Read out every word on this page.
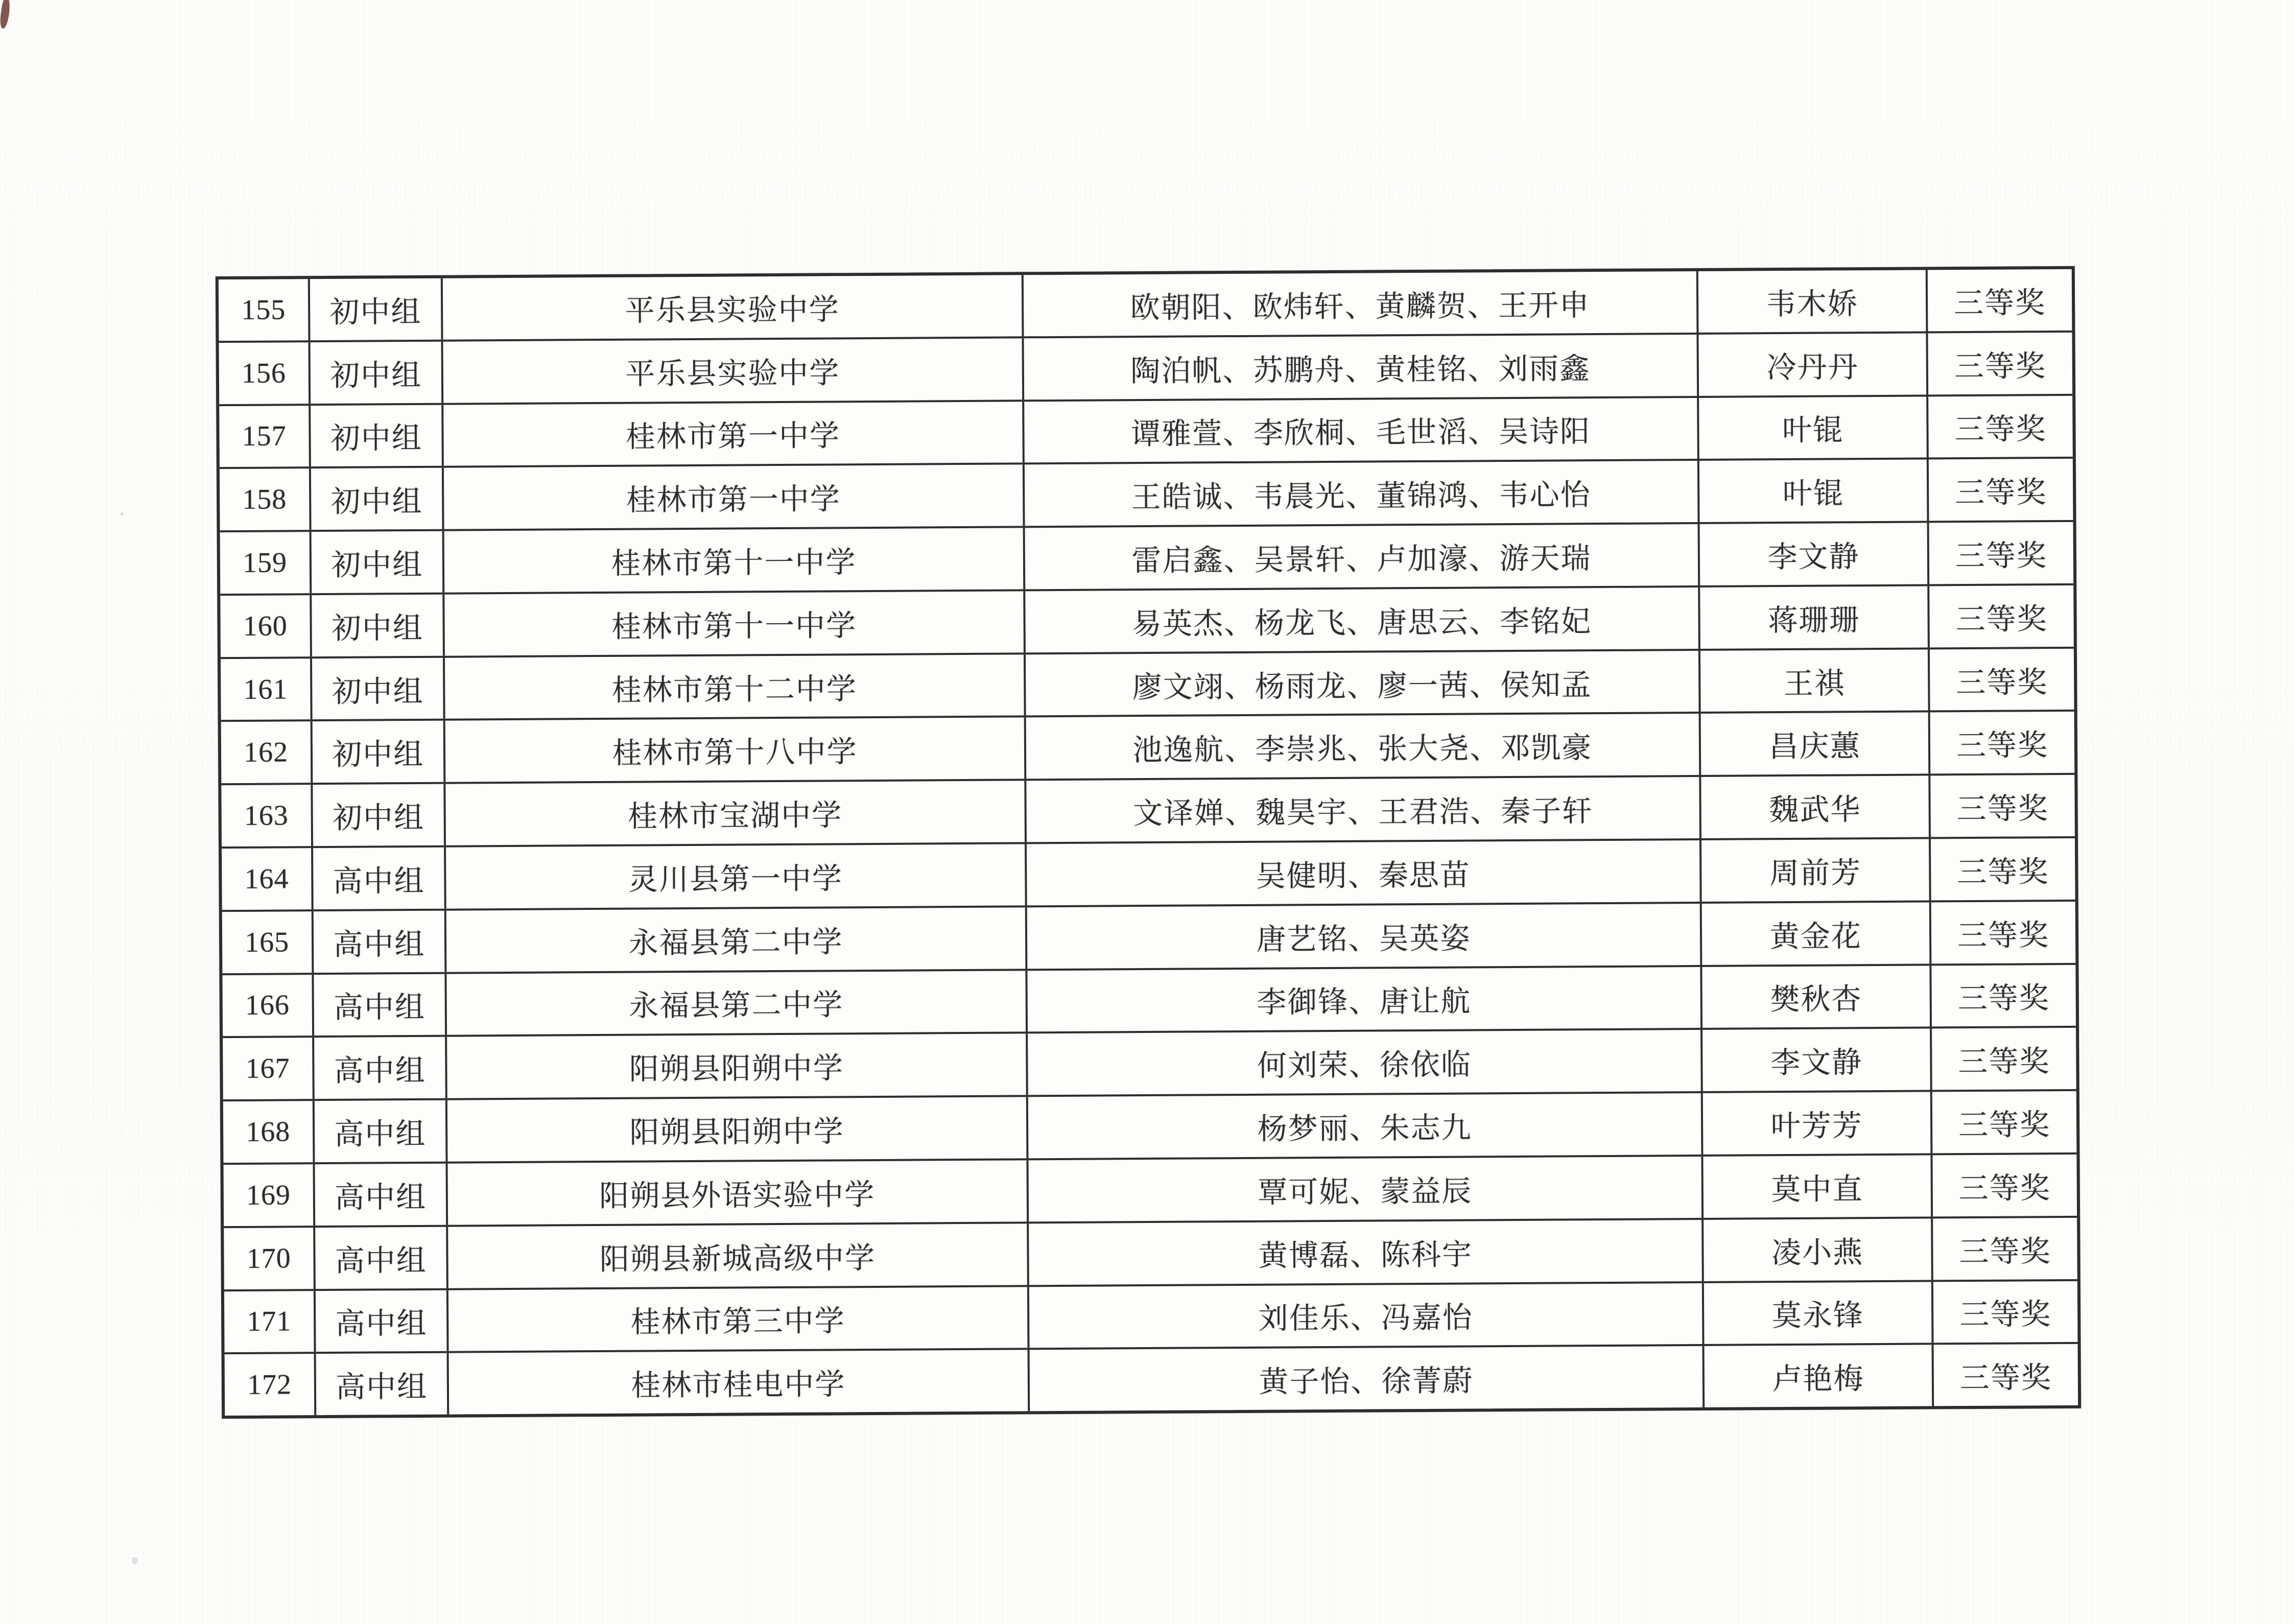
155	初中组	平乐县实验中学	欧朝阳、欧炜轩、黄麟贺、王开申	韦木娇	三等奖
156	初中组	平乐县实验中学	陶泊帆、苏鹏舟、黄桂铭、刘雨鑫	冷丹丹	三等奖
157	初中组	桂林市第一中学	谭雅萱、李欣桐、毛世滔、吴诗阳	叶锟	三等奖
158	初中组	桂林市第一中学	王皓诚、韦晨光、董锦鸿、韦心怡	叶锟	三等奖
159	初中组	桂林市第十一中学	雷启鑫、吴景轩、卢加濠、游天瑞	李文静	三等奖
160	初中组	桂林市第十一中学	易英杰、杨龙飞、唐思云、李铭妃	蒋珊珊	三等奖
161	初中组	桂林市第十二中学	廖文翊、杨雨龙、廖一茜、侯知孟	王祺	三等奖
162	初中组	桂林市第十八中学	池逸航、李崇兆、张大尧、邓凯豪	昌庆蕙	三等奖
163	初中组	桂林市宝湖中学	文译婵、魏昊宇、王君浩、秦子轩	魏武华	三等奖
164	高中组	灵川县第一中学	吴健明、秦思苗	周前芳	三等奖
165	高中组	永福县第二中学	唐艺铭、吴英姿	黄金花	三等奖
166	高中组	永福县第二中学	李御锋、唐让航	樊秋杏	三等奖
167	高中组	阳朔县阳朔中学	何刘荣、徐依临	李文静	三等奖
168	高中组	阳朔县阳朔中学	杨梦丽、朱志九	叶芳芳	三等奖
169	高中组	阳朔县外语实验中学	覃可妮、蒙益辰	莫中直	三等奖
170	高中组	阳朔县新城高级中学	黄博磊、陈科宇	凌小燕	三等奖
171	高中组	桂林市第三中学	刘佳乐、冯嘉怡	莫永锋	三等奖
172	高中组	桂林市桂电中学	黄子怡、徐菁蔚	卢艳梅	三等奖
